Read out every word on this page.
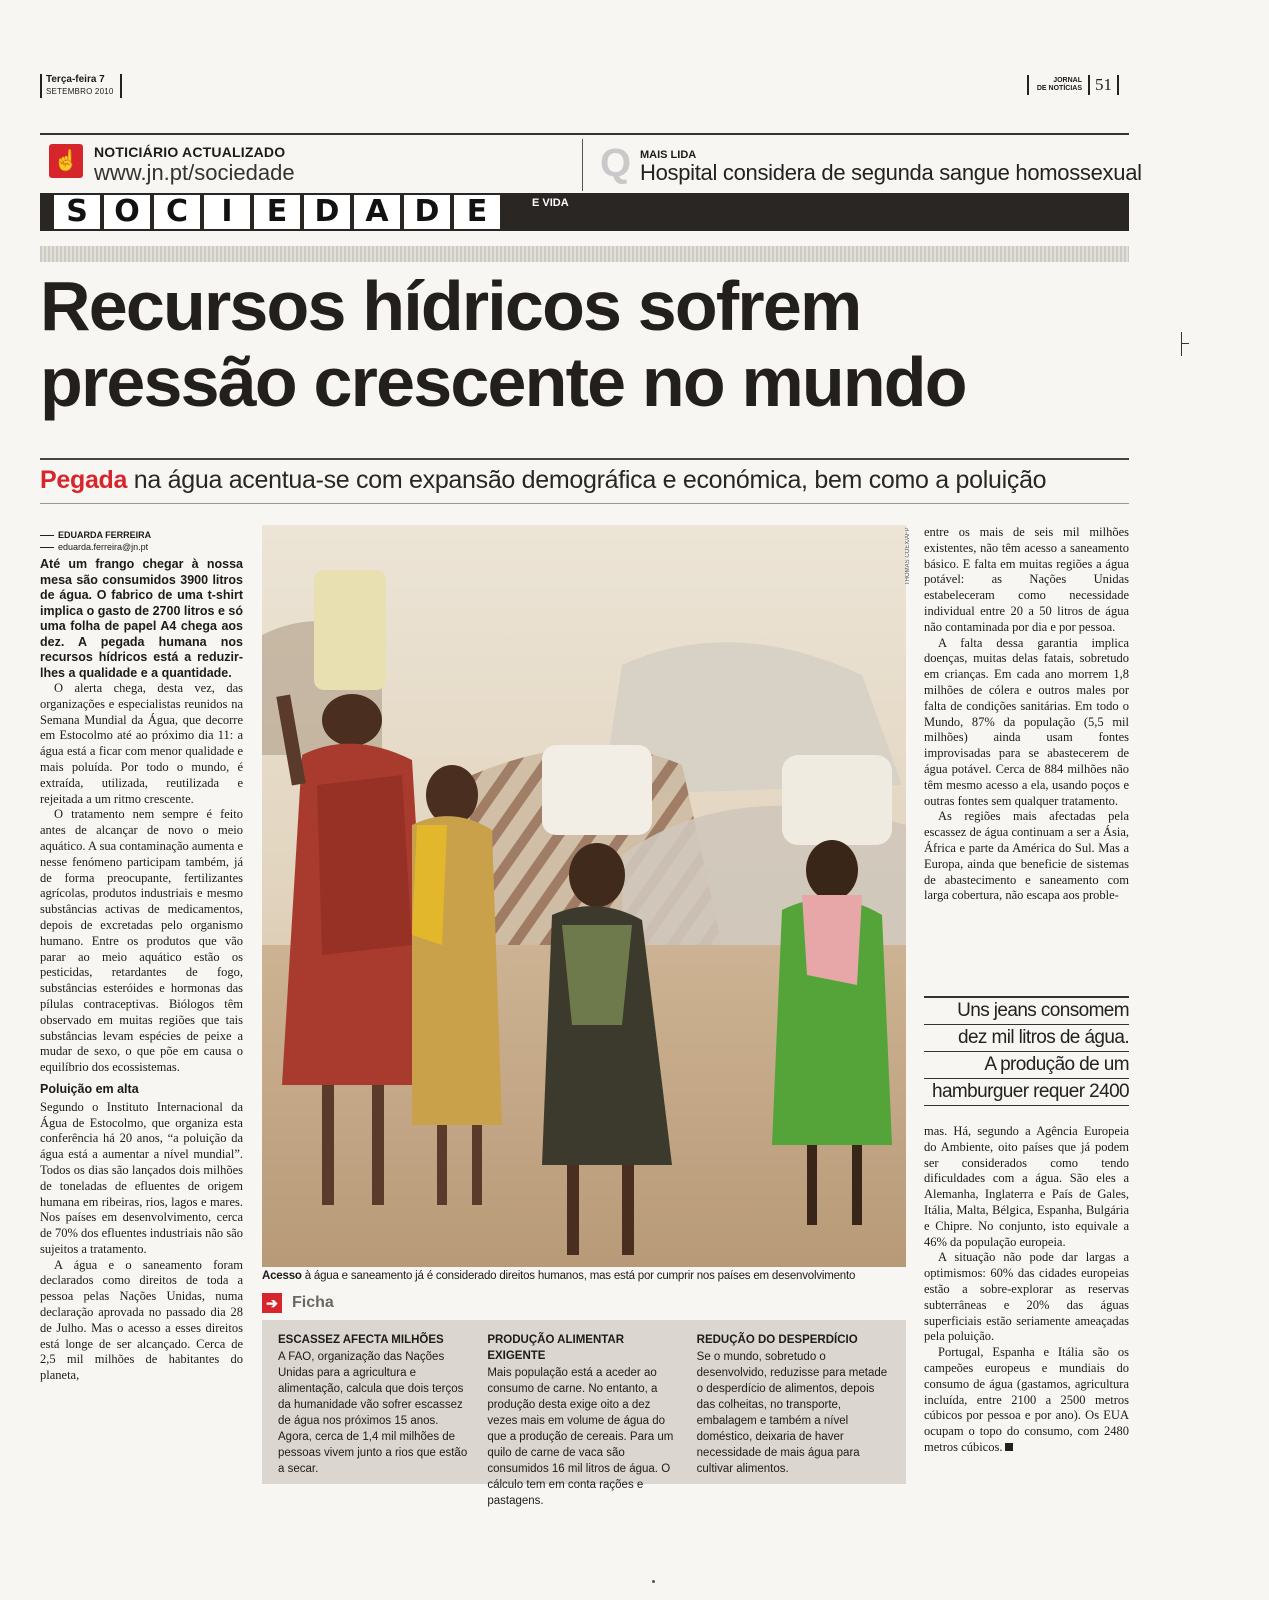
Terça-feira 7
SETEMBRO 2010
JORNAL
DE NOTÍCIAS 51
☝	NOTICIÁRIO ACTUALIZADO
www.jn.pt/sociedade	Q MAIS LIDA
Hospital considera de segunda sangue homossexual
S O C	I	E D A D E	E VIDA
Recursos hídricos sofrem
pressão crescente no mundo
Pegada na água acentua-se com expansão demográfica e económica, bem como a poluição
EDUARDA FERREIRA
eduarda.ferreira@jn.pt

Até um frango chegar à nossa mesa são consumidos 3900 litros de água. O fabrico de uma t-shirt implica o gasto de 2700 litros e só uma folha de papel A4 chega aos dez. A pegada humana nos recursos hídricos está a reduzir-lhes a qualidade e a quantidade.

O alerta chega, desta vez, das organizações e especialistas reunidos na Semana Mundial da Água, que decorre em Estocolmo até ao próximo dia 11: a água está a ficar com menor qualidade e mais poluída. Por todo o mundo, é extraída, utilizada, reutilizada e rejeitada a um ritmo crescente.

O tratamento nem sempre é feito antes de alcançar de novo o meio aquático. A sua contaminação aumenta e nesse fenómeno participam também, já de forma preocupante, fertilizantes agrícolas, produtos industriais e mesmo substâncias activas de medicamentos, depois de excretadas pelo organismo humano. Entre os produtos que vão parar ao meio aquático estão os pesticidas, retardantes de fogo, substâncias esteróides e hormonas das pílulas contraceptivas. Biólogos têm observado em muitas regiões que tais substâncias levam espécies de peixe a mudar de sexo, o que põe em causa o equilíbrio dos ecossistemas.

Poluição em alta

Segundo o Instituto Internacional da Água de Estocolmo, que organiza esta conferência há 20 anos, “a poluição da água está a aumentar a nível mundial”. Todos os dias são lançados dois milhões de toneladas de efluentes de origem humana em ribeiras, rios, lagos e mares. Nos países em desenvolvimento, cerca de 70% dos efluentes industriais não são sujeitos a tratamento.

A água e o saneamento foram declarados como direitos de toda a pessoa pelas Nações Unidas, numa declaração aprovada no passado dia 28 de Julho. Mas o acesso a esses direitos está longe de ser alcançado. Cerca de 2,5 mil milhões de habitantes do planeta,

THOMAS COEX/AFP
Acesso à água e saneamento já é considerado direitos humanos, mas está por cumprir nos países em desenvolvimento
➔ Ficha
ESCASSEZ AFECTA MILHÕES
A FAO, organização das Nações Unidas para a agricultura e alimentação, calcula que dois terços da humanidade vão sofrer escassez de água nos próximos 15 anos. Agora, cerca de 1,4 mil milhões de pessoas vivem junto a rios que estão a secar.
PRODUÇÃO ALIMENTAR EXIGENTE
Mais população está a aceder ao consumo de carne. No entanto, a produção desta exige oito a dez vezes mais em volume de água do que a produção de cereais. Para um quilo de carne de vaca são consumidos 16 mil litros de água. O cálculo tem em conta rações e pastagens.
REDUÇÃO DO DESPERDÍCIO
Se o mundo, sobretudo o desenvolvido, reduzisse para metade o desperdício de alimentos, depois das colheitas, no transporte, embalagem e também a nível doméstico, deixaria de haver necessidade de mais água para cultivar alimentos.

entre os mais de seis mil milhões existentes, não têm acesso a saneamento básico. E falta em muitas regiões a água potável: as Nações Unidas estabeleceram como necessidade individual entre 20 a 50 litros de água não contaminada por dia e por pessoa.

A falta dessa garantia implica doenças, muitas delas fatais, sobretudo em crianças. Em cada ano morrem 1,8 milhões de cólera e outros males por falta de condições sanitárias. Em todo o Mundo, 87% da população (5,5 mil milhões) ainda usam fontes improvisadas para se abastecerem de água potável. Cerca de 884 milhões não têm mesmo acesso a ela, usando poços e outras fontes sem qualquer tratamento.

As regiões mais afectadas pela escassez de água continuam a ser a Ásia, África e parte da América do Sul. Mas a Europa, ainda que beneficie de sistemas de abastecimento e saneamento com larga cobertura, não escapa aos proble-

Uns jeans consomem
dez mil litros de água.
A produção de um
hamburguer requer 2400

mas. Há, segundo a Agência Europeia do Ambiente, oito países que já podem ser considerados como tendo dificuldades com a água. São eles a Alemanha, Inglaterra e País de Gales, Itália, Malta, Bélgica, Espanha, Bulgária e Chipre. No conjunto, isto equivale a 46% da população europeia.

A situação não pode dar largas a optimismos: 60% das cidades europeias estão a sobre-explorar as reservas subterrâneas e 20% das águas superficiais estão seriamente ameaçadas pela poluição.

Portugal, Espanha e Itália são os campeões europeus e mundiais do consumo de água (gastamos, agricultura incluída, entre 2100 a 2500 metros cúbicos por pessoa e por ano). Os EUA ocupam o topo do consumo, com 2480 metros cúbicos.
